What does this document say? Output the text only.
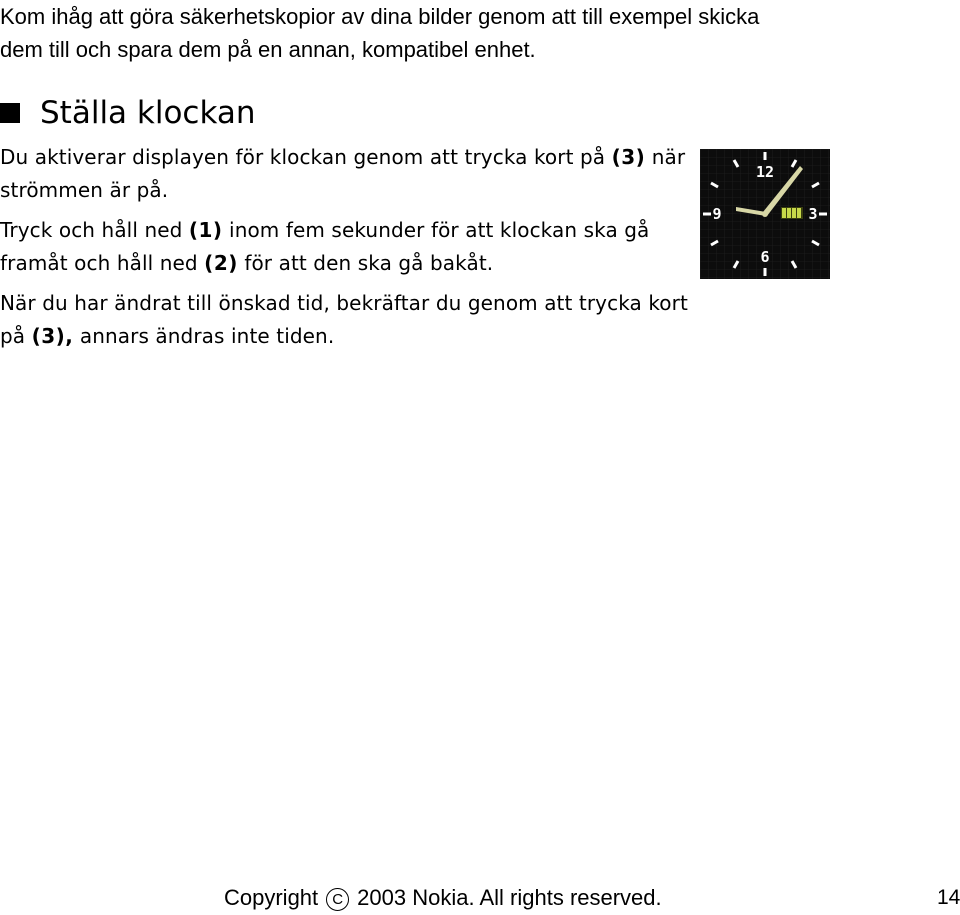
Kom ihåg att göra säkerhetskopior av dina bilder genom att till exempel skicka
dem till och spara dem på en annan, kompatibel enhet.

Ställa klockan

Du aktiverar displayen för klockan genom att trycka kort på (3) när strömmen är på.

Tryck och håll ned (1) inom fem sekunder för att klockan ska gå framåt och håll ned (2) för att den ska gå bakåt.

När du har ändrat till önskad tid, bekräftar du genom att trycka kort på (3), annars ändras inte tiden.

12
3
6
9

Copyright C 2003 Nokia. All rights reserved.	14
